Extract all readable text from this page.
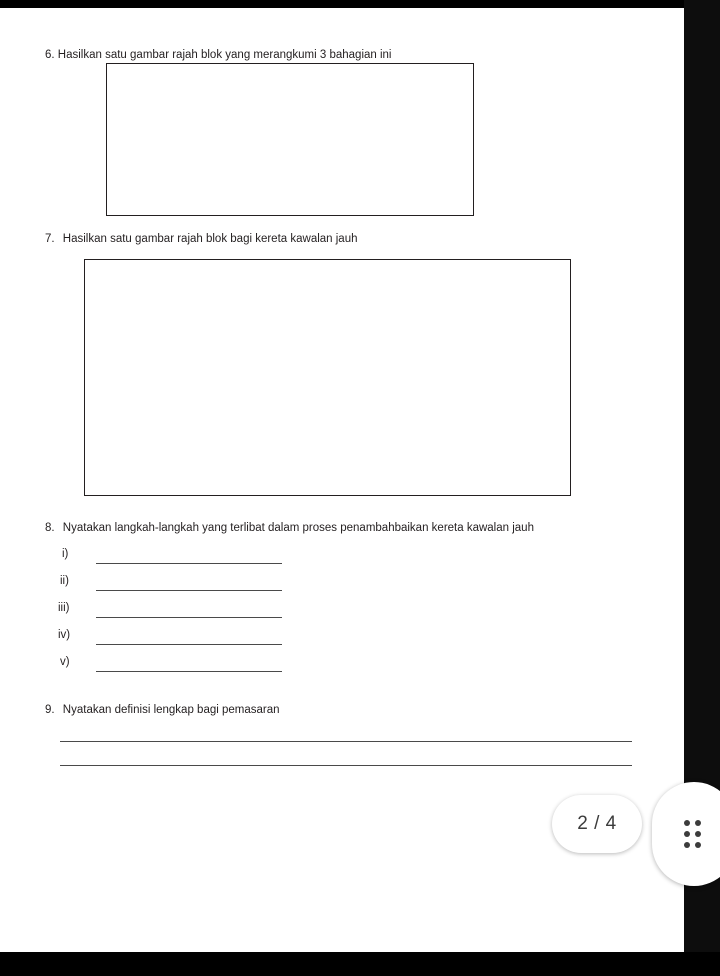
6. Hasilkan satu gambar rajah blok yang merangkumi 3 bahagian ini
7. Hasilkan satu gambar rajah blok bagi kereta kawalan jauh
8. Nyatakan langkah-langkah yang terlibat dalam proses penambahbaikan kereta kawalan jauh
i)
ii)
iii)
iv)
v)
9. Nyatakan definisi lengkap bagi pemasaran
2 / 4
